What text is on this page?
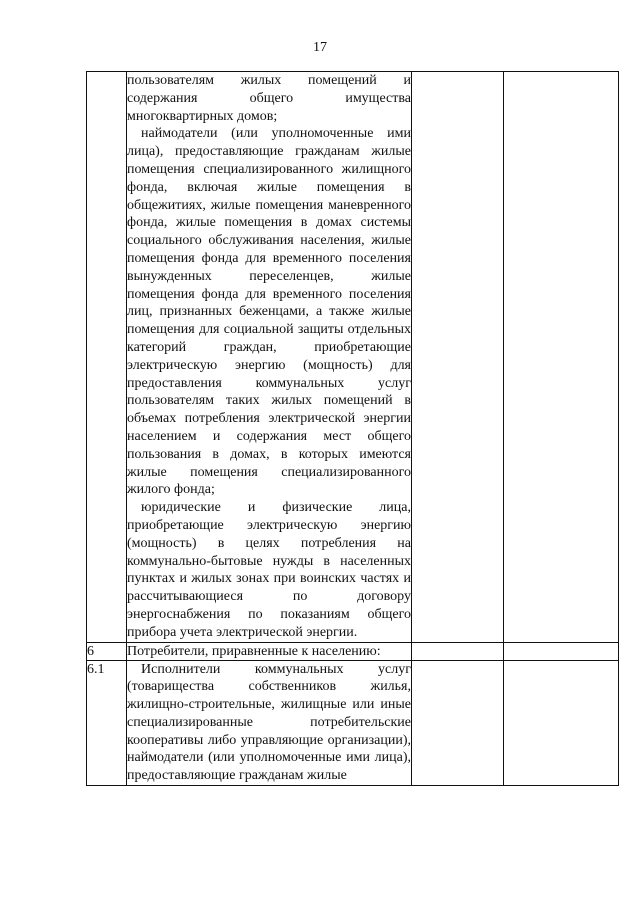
17

	пользователям жилых помещений и содержания общего имущества многоквартирных домов;
наймодатели (или уполномоченные ими лица), предоставляющие гражданам жилые помещения специализированного жилищного фонда, включая жилые помещения в общежитиях, жилые помещения маневренного фонда, жилые помещения в домах системы социального обслуживания населения, жилые помещения фонда для временного поселения вынужденных переселенцев, жилые помещения фонда для временного поселения лиц, признанных беженцами, а также жилые помещения для социальной защиты отдельных категорий граждан, приобретающие электрическую энергию (мощность) для предоставления коммунальных услуг пользователям таких жилых помещений в объемах потребления электрической энергии населением и содержания мест общего пользования в домах, в которых имеются жилые помещения специализированного жилого фонда;
юридические и физические лица, приобретающие электрическую энергию (мощность) в целях потребления на коммунально-бытовые нужды в населенных пунктах и жилых зонах при воинских частях и рассчитывающиеся по договору энергоснабжения по показаниям общего прибора учета электрической энергии.		

6	Потребители, приравненные к населению:		

6.1	Исполнители коммунальных услуг (товарищества собственников жилья, жилищно-строительные, жилищные или иные специализированные потребительские кооперативы либо управляющие организации), наймодатели (или уполномоченные ими лица), предоставляющие гражданам жилые		
